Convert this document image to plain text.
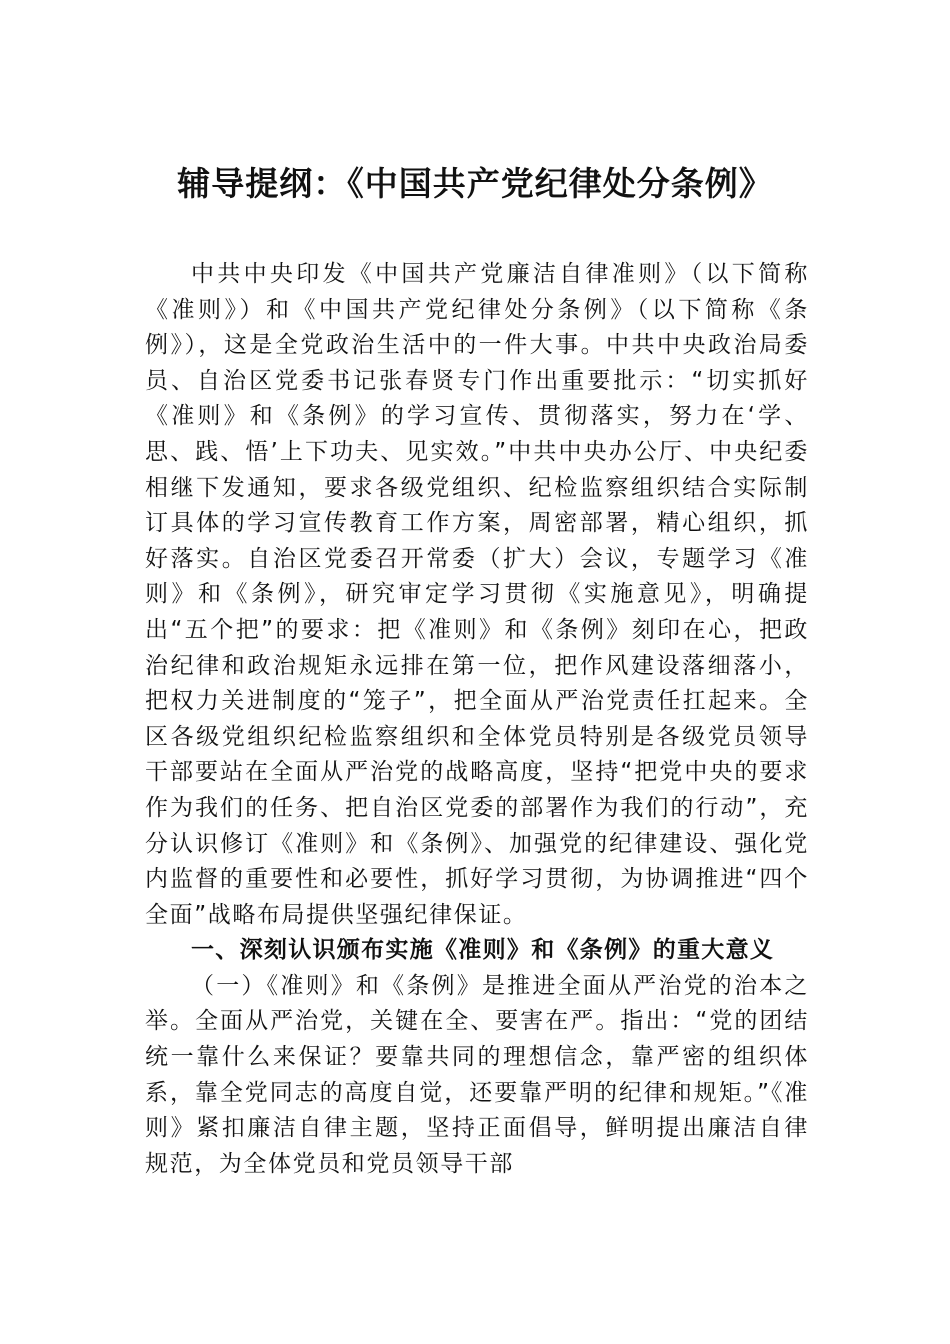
辅导提纲：《中国共产党纪律处分条例》

中共中央印发《中国共产党廉洁自律准则》（以下简称《准则》）和《中国共产党纪律处分条例》（以下简称《条例》），这是全党政治生活中的一件大事。中共中央政治局委员、自治区党委书记张春贤专门作出重要批示：“切实抓好《准则》和《条例》的学习宣传、贯彻落实，努力在‘学、思、践、悟’上下功夫、见实效。”中共中央办公厅、中央纪委相继下发通知，要求各级党组织、纪检监察组织结合实际制订具体的学习宣传教育工作方案，周密部署，精心组织，抓好落实。自治区党委召开常委（扩大）会议，专题学习《准则》和《条例》，研究审定学习贯彻《实施意见》，明确提出“五个把”的要求：把《准则》和《条例》刻印在心，把政治纪律和政治规矩永远排在第一位，把作风建设落细落小，把权力关进制度的“笼子”，把全面从严治党责任扛起来。全区各级党组织纪检监察组织和全体党员特别是各级党员领导干部要站在全面从严治党的战略高度，坚持“把党中央的要求作为我们的任务、把自治区党委的部署作为我们的行动”，充分认识修订《准则》和《条例》、加强党的纪律建设、强化党内监督的重要性和必要性，抓好学习贯彻，为协调推进“四个全面”战略布局提供坚强纪律保证。

一、深刻认识颁布实施《准则》和《条例》的重大意义

（一）《准则》和《条例》是推进全面从严治党的治本之举。全面从严治党，关键在全、要害在严。指出：“党的团结统一靠什么来保证？要靠共同的理想信念，靠严密的组织体系，靠全党同志的高度自觉，还要靠严明的纪律和规矩。”《准则》紧扣廉洁自律主题，坚持正面倡导，鲜明提出廉洁自律规范，为全体党员和党员领导干部
